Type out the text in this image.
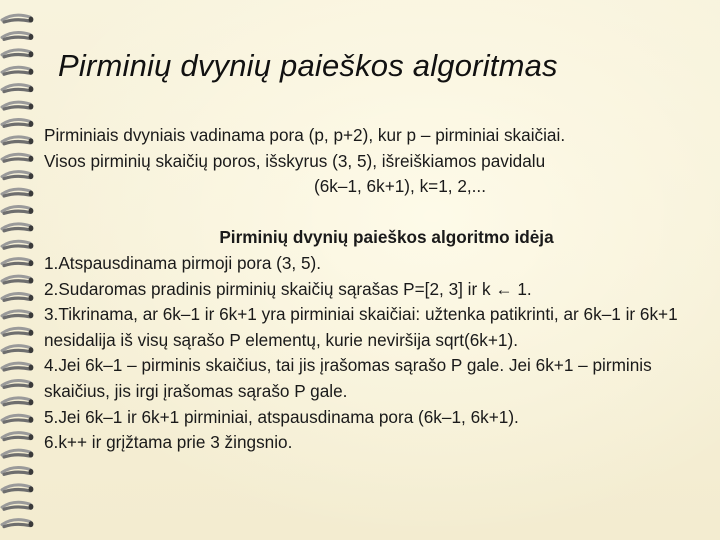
Pirminių dvynių paieškos algoritmas

Pirminiais dvyniais vadinama pora (p, p+2), kur p – pirminiai skaičiai.

Visos pirminių skaičių poros, išskyrus (3, 5), išreiškiamos pavidalu

(6k–1, 6k+1), k=1, 2,...

Pirminių dvynių paieškos algoritmo idėja

1.Atspausdinama pirmoji pora (3, 5).

2.Sudaromas pradinis pirminių skaičių sąrašas P=[2, 3] ir k ← 1.

3.Tikrinama, ar 6k–1 ir 6k+1 yra pirminiai skaičiai: užtenka patikrinti, ar 6k–1 ir 6k+1 nesidalija iš visų sąrašo P elementų, kurie neviršija sqrt(6k+1).

4.Jei 6k–1 – pirminis skaičius, tai jis įrašomas sąrašo P gale. Jei 6k+1 – pirminis skaičius, jis irgi įrašomas sąrašo P gale.

5.Jei 6k–1 ir 6k+1 pirminiai, atspausdinama pora (6k–1, 6k+1).

6.k++ ir grįžtama prie 3 žingsnio.
